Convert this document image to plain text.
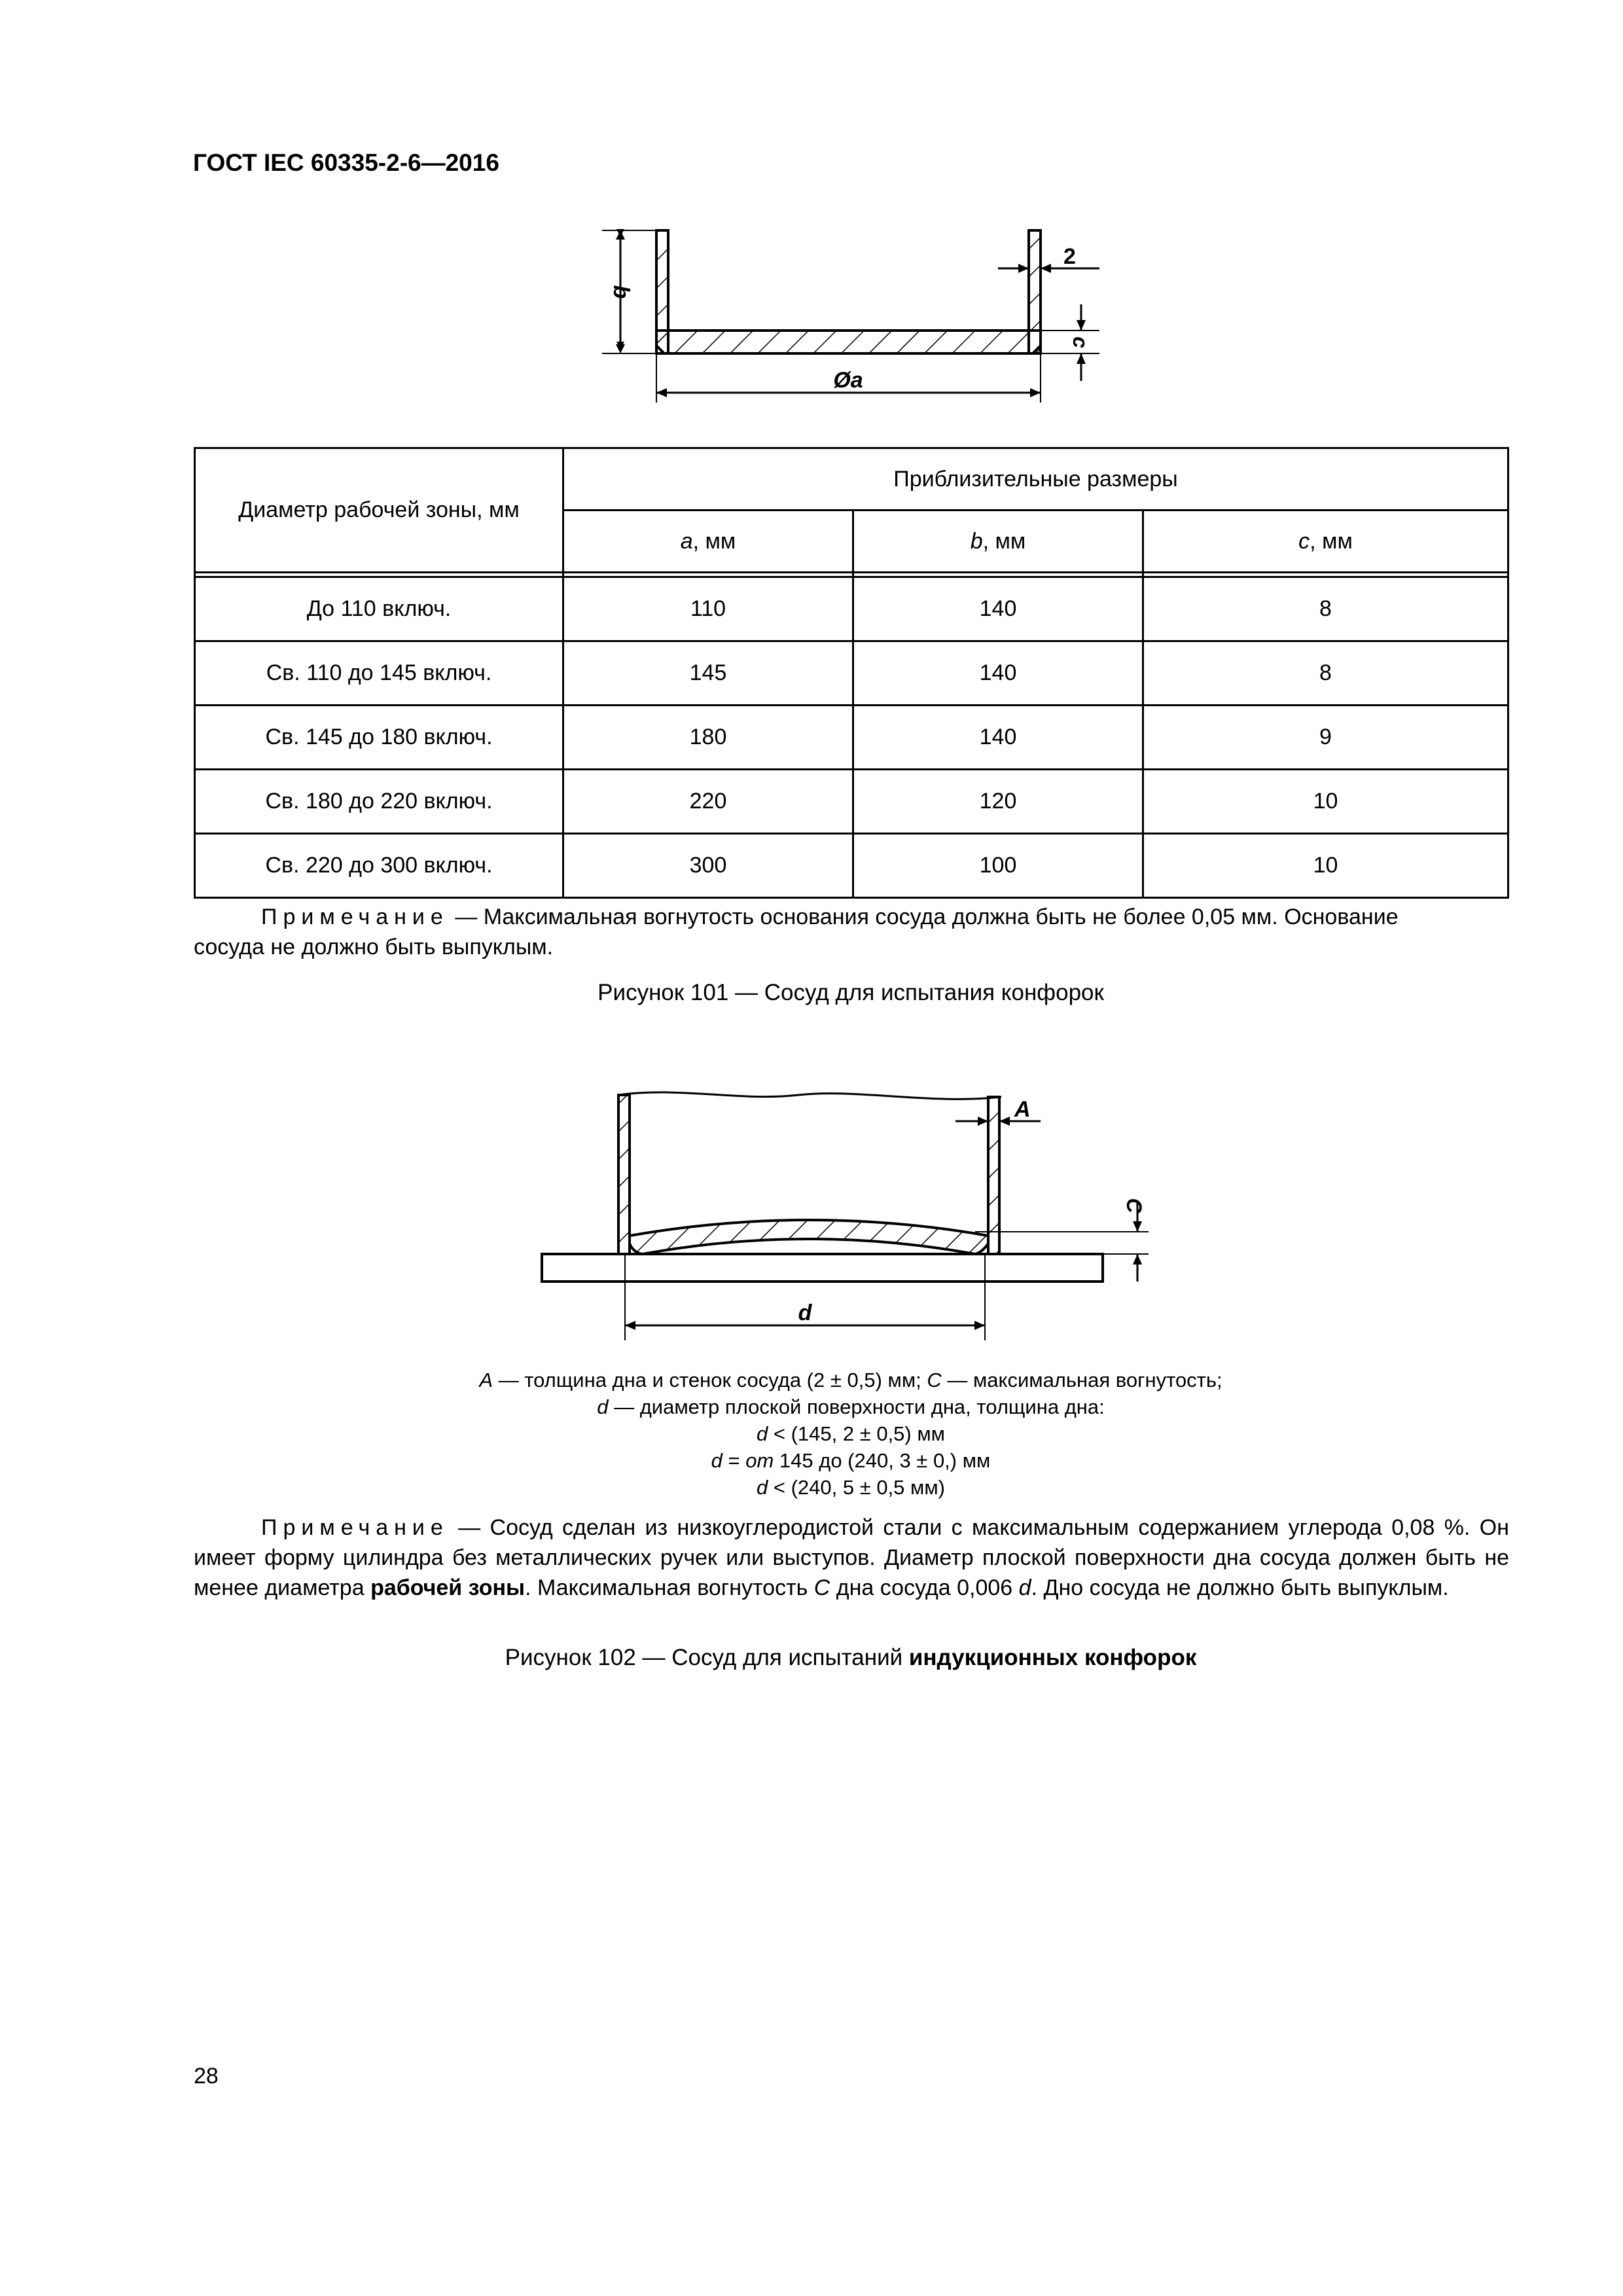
ГОСТ IEC 60335-2-6—2016
b
2
c
Øa
Диаметр рабочей зоны, мм	Приблизительные размеры		
	a, мм	b, мм	c, мм

До 110 включ.	110	140	8
Св. 110 до 145 включ.	145	140	8
Св. 145 до 180 включ.	180	140	9
Св. 180 до 220 включ.	220	120	10
Св. 220 до 300 включ.	300	100	10
Примечание — Максимальная вогнутость основания сосуда должна быть не более 0,05 мм. Основание
сосуда не должно быть выпуклым.
Рисунок 101 — Сосуд для испытания конфорок
A
C
d
A — толщина дна и стенок сосуда (2 ± 0,5) мм; C — максимальная вогнутость;
d — диаметр плоской поверхности дна, толщина дна:
d < (145, 2 ± 0,5) мм
d = от 145 до (240, 3 ± 0,) мм
d < (240, 5 ± 0,5 мм)
Примечание — Сосуд сделан из низкоуглеродистой стали с максимальным содержанием углерода 0,08 %. Он имеет форму цилиндра без металлических ручек или выступов. Диаметр плоской поверхности дна сосуда должен быть не менее диаметра рабочей зоны. Максимальная вогнутость C дна сосуда 0,006 d. Дно сосуда не должно быть выпуклым.
Рисунок 102 — Сосуд для испытаний индукционных конфорок
28
